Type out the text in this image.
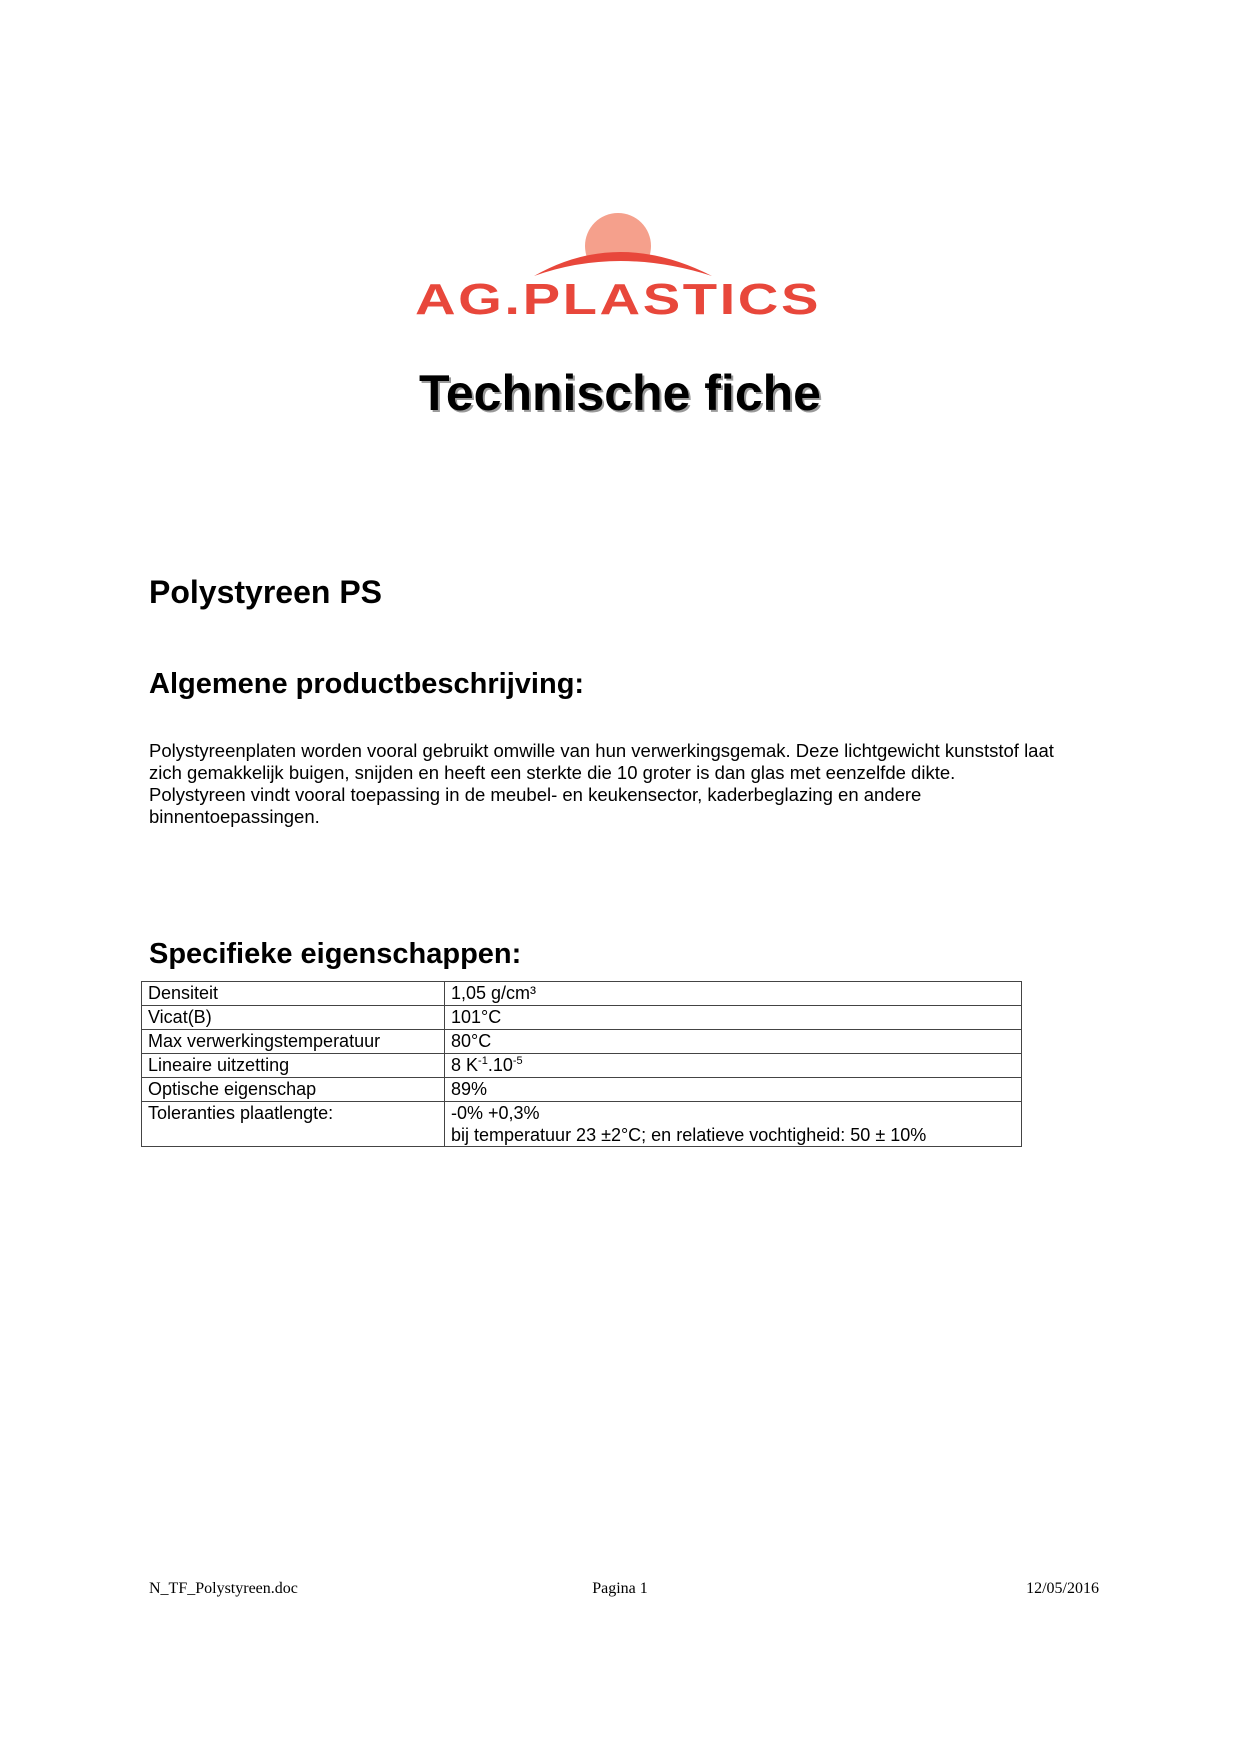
AG.PLASTICS
Technische fiche
Polystyreen PS
Algemene productbeschrijving:

Polystyreenplaten worden vooral gebruikt omwille van hun verwerkingsgemak. Deze lichtgewicht kunststof laat
zich gemakkelijk buigen, snijden en heeft een sterkte die 10 groter is dan glas met eenzelfde dikte.
Polystyreen vindt vooral toepassing in de meubel- en keukensector, kaderbeglazing en andere
binnentoepassingen.

Specifieke eigenschappen:
Densiteit	1,05 g/cm³
Vicat(B)	101°C
Max verwerkingstemperatuur	80°C
Lineaire uitzetting	8 $K^{-1}.10^{-5}$
Optische eigenschap	89%
Toleranties plaatlengte:	-0% +0,3%
bij temperatuur 23 ±2°C; en relatieve vochtigheid: 50 ± 10%
N_TF_Polystyreen.doc	Pagina 1	12/05/2016
